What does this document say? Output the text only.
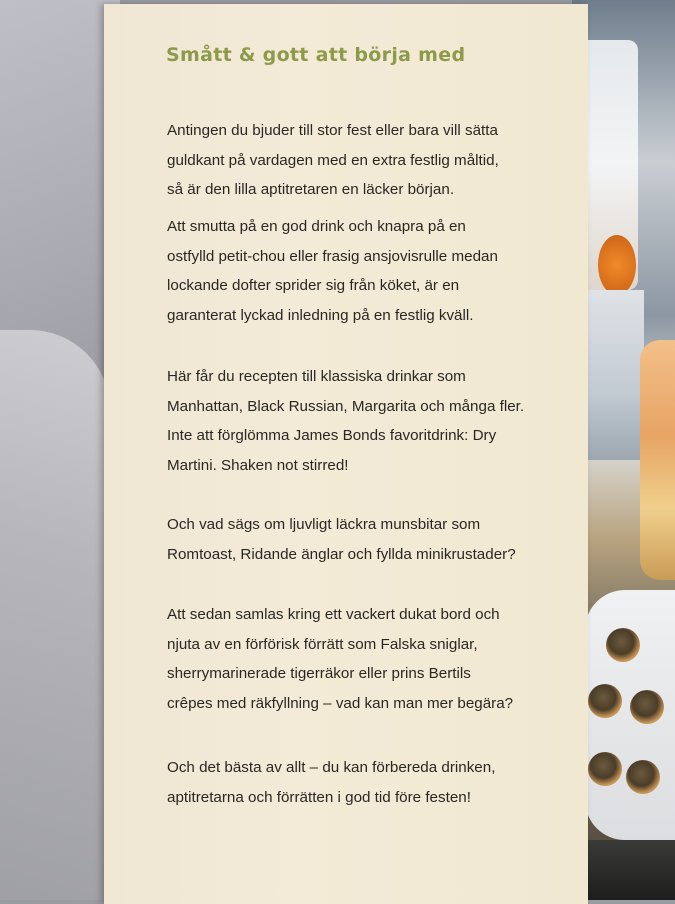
Smått & gott att börja med
Antingen du bjuder till stor fest eller bara vill sätta
guldkant på vardagen med en extra festlig måltid,
så är den lilla aptitretaren en läcker början.
Att smutta på en god drink och knapra på en
ostfylld petit-chou eller frasig ansjovisrulle medan
lockande dofter sprider sig från köket, är en
garanterat lyckad inledning på en festlig kväll.
Här får du recepten till klassiska drinkar som
Manhattan, Black Russian, Margarita och många fler.
Inte att förglömma James Bonds favoritdrink: Dry
Martini. Shaken not stirred!
Och vad sägs om ljuvligt läckra munsbitar som
Romtoast, Ridande änglar och fyllda minikrustader?
Att sedan samlas kring ett vackert dukat bord och
njuta av en förförisk förrätt som Falska sniglar,
sherrymarinerade tigerräkor eller prins Bertils
crêpes med räkfyllning – vad kan man mer begära?
Och det bästa av allt – du kan förbereda drinken,
aptitretarna och förrätten i god tid före festen!
